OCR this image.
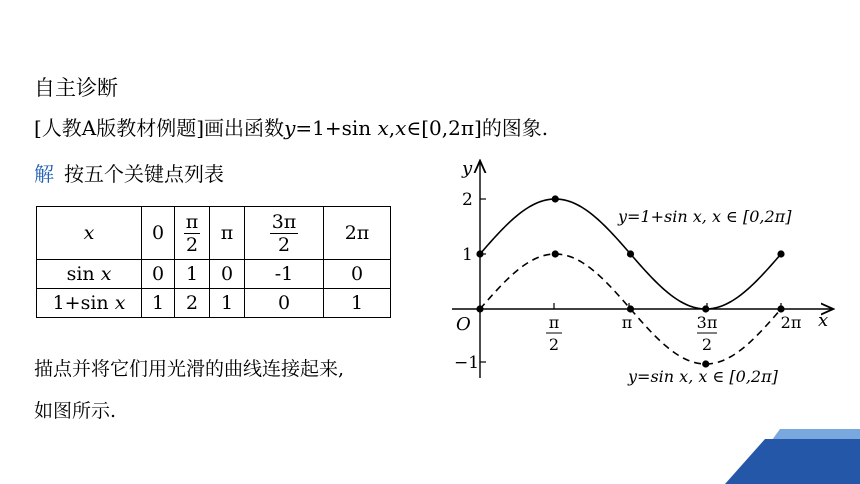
自主诊断
[人教A版教材例题]画出函数y=1+sin x,x∈[0,2π]的图象.
解 按五个关键点列表
x	0	$\frac{\pi}{2}$	π	$\frac{3\pi}{2}$	2π
sin x	0	1	0	-1	0
1+sin x	1	2	1	0	1
描点并将它们用光滑的曲线连接起来,
如图所示.
y
x
O
2
1
−1
π
2
π	3π
2
2π
y=1+sin x, x ∈ [0,2π]
y=sin x, x ∈ [0,2π]
